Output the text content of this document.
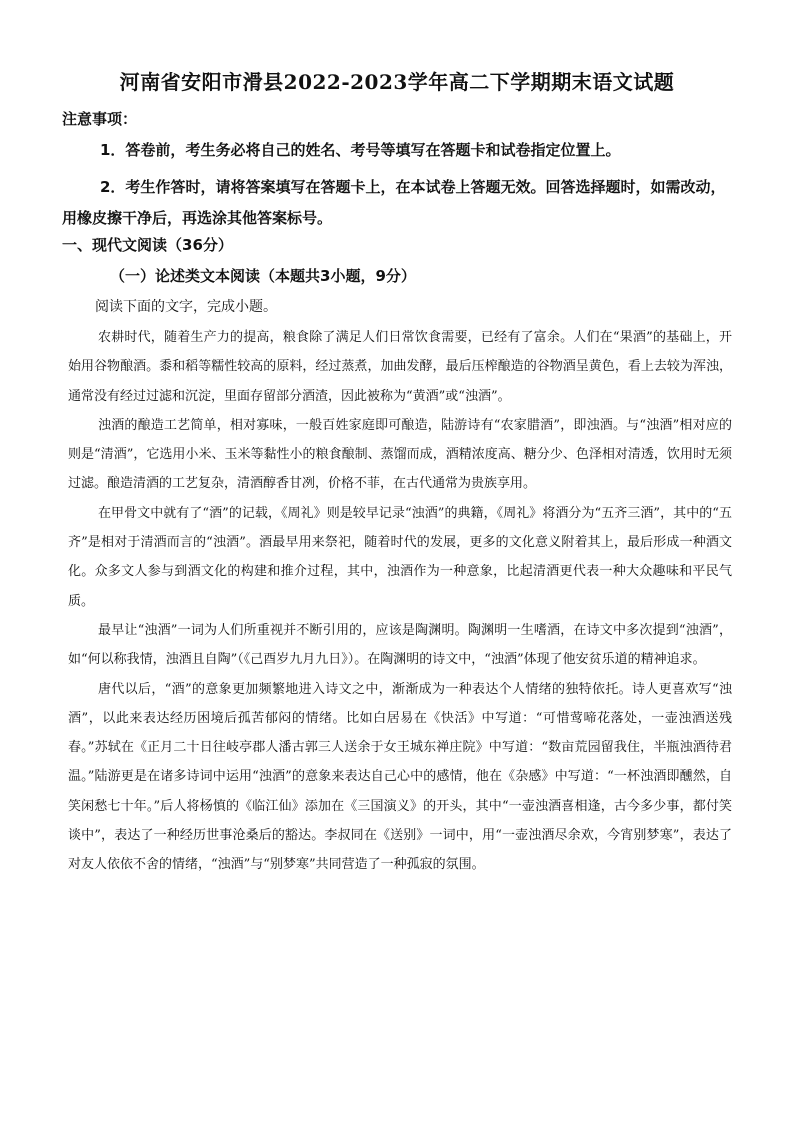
河南省安阳市滑县2022-2023学年高二下学期期末语文试题
注意事项：
1．答卷前，考生务必将自己的姓名、考号等填写在答题卡和试卷指定位置上。
2．考生作答时，请将答案填写在答题卡上，在本试卷上答题无效。回答选择题时，如需改动，用橡皮擦干净后，再选涂其他答案标号。
一、现代文阅读（36分）
（一）论述类文本阅读（本题共3小题，9分）
阅读下面的文字，完成小题。

农耕时代，随着生产力的提高，粮食除了满足人们日常饮食需要，已经有了富余。人们在“果酒”的基础上，开始用谷物酿酒。黍和稻等糯性较高的原料，经过蒸煮，加曲发酵，最后压榨酿造的谷物酒呈黄色，看上去较为浑浊，通常没有经过过滤和沉淀，里面存留部分酒渣，因此被称为“黄酒”或“浊酒”。

浊酒的酿造工艺简单，相对寡味，一般百姓家庭即可酿造，陆游诗有“农家腊酒”，即浊酒。与“浊酒”相对应的则是“清酒”，它选用小米、玉米等黏性小的粮食酿制、蒸馏而成，酒精浓度高、糖分少、色泽相对清透，饮用时无须过滤。酿造清酒的工艺复杂，清酒醇香甘冽，价格不菲，在古代通常为贵族享用。

在甲骨文中就有了“酒”的记载，《周礼》则是较早记录“浊酒”的典籍，《周礼》将酒分为“五齐三酒”，其中的“五齐”是相对于清酒而言的“浊酒”。酒最早用来祭祀，随着时代的发展，更多的文化意义附着其上，最后形成一种酒文化。众多文人参与到酒文化的构建和推介过程，其中，浊酒作为一种意象，比起清酒更代表一种大众趣味和平民气质。

最早让“浊酒”一词为人们所重视并不断引用的，应该是陶渊明。陶渊明一生嗜酒，在诗文中多次提到“浊酒”，如“何以称我情，浊酒且自陶”（《己酉岁九月九日》）。在陶渊明的诗文中，“浊酒”体现了他安贫乐道的精神追求。

唐代以后，“酒”的意象更加频繁地进入诗文之中，渐渐成为一种表达个人情绪的独特依托。诗人更喜欢写“浊酒”，以此来表达经历困境后孤苦郁闷的情绪。比如白居易在《快活》中写道：“可惜莺啼花落处，一壶浊酒送残春。”苏轼在《正月二十日往岐亭郡人潘古郭三人送余于女王城东禅庄院》中写道：“数亩荒园留我住，半瓶浊酒待君温。”陆游更是在诸多诗词中运用“浊酒”的意象来表达自己心中的感情，他在《杂感》中写道：“一杯浊酒即醺然，自笑闲愁七十年。”后人将杨慎的《临江仙》添加在《三国演义》的开头，其中“一壶浊酒喜相逢，古今多少事，都付笑谈中”，表达了一种经历世事沧桑后的豁达。李叔同在《送别》一词中，用“一壶浊酒尽余欢，今宵别梦寒”，表达了对友人依依不舍的情绪，“浊酒”与“别梦寒”共同营造了一种孤寂的氛围。
